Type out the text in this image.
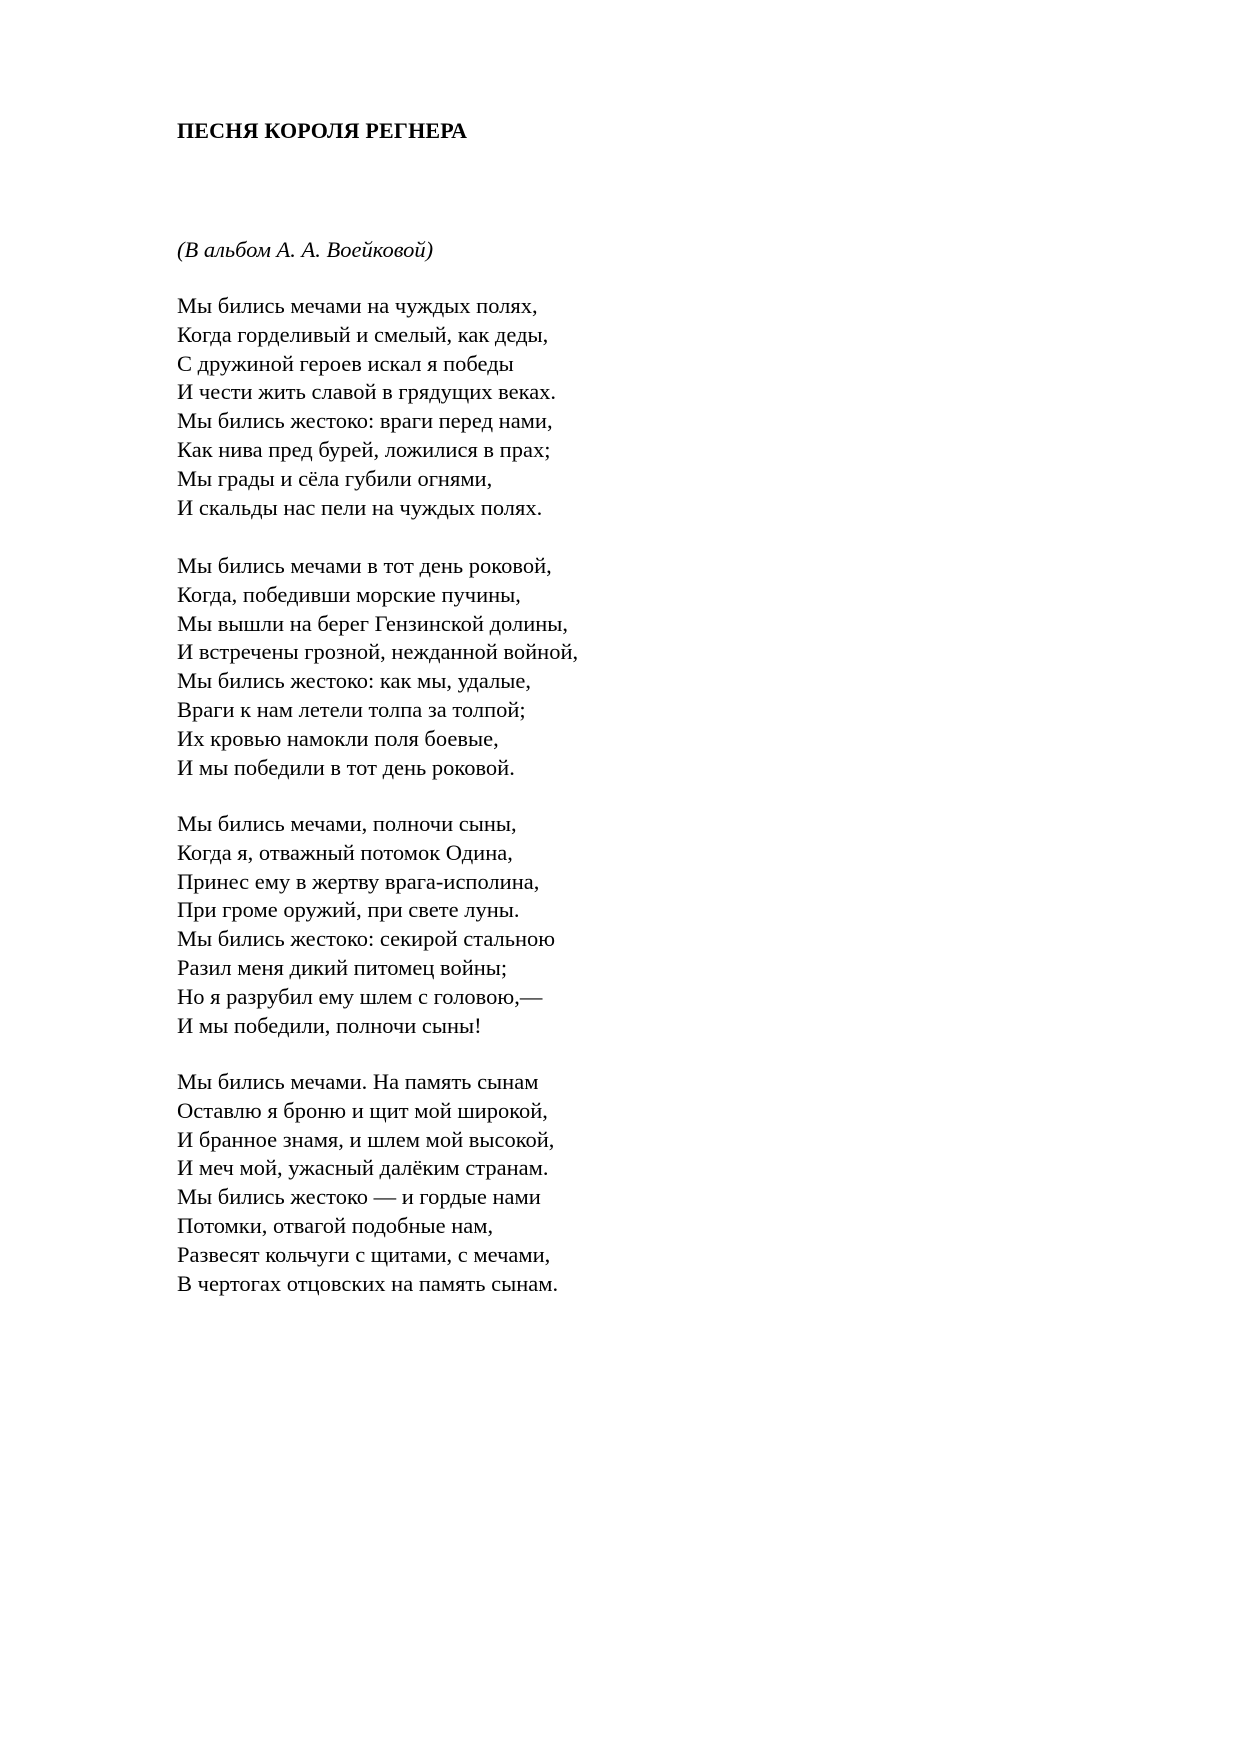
ПЕСНЯ КОРОЛЯ РЕГНЕРА
(В альбом А. А. Воейковой)
Мы бились мечами на чуждых полях,
Когда горделивый и смелый, как деды,
С дружиной героев искал я победы
И чести жить славой в грядущих веках.
Мы бились жестоко: враги перед нами,
Как нива пред бурей, ложилися в прах;
Мы грады и сёла губили огнями,
И скальды нас пели на чуждых полях.
Мы бились мечами в тот день роковой,
Когда, победивши морские пучины,
Мы вышли на берег Гензинской долины,
И встречены грозной, нежданной войной,
Мы бились жестоко: как мы, удалые,
Враги к нам летели толпа за толпой;
Их кровью намокли поля боевые,
И мы победили в тот день роковой.
Мы бились мечами, полночи сыны,
Когда я, отважный потомок Одина,
Принес ему в жертву врага-исполина,
При громе оружий, при свете луны.
Мы бились жестоко: секирой стальною
Разил меня дикий питомец войны;
Но я разрубил ему шлем с головою,—
И мы победили, полночи сыны!
Мы бились мечами. На память сынам
Оставлю я броню и щит мой широкой,
И бранное знамя, и шлем мой высокой,
И меч мой, ужасный далёким странам.
Мы бились жестоко — и гордые нами
Потомки, отвагой подобные нам,
Развесят кольчуги с щитами, с мечами,
В чертогах отцовских на память сынам.
